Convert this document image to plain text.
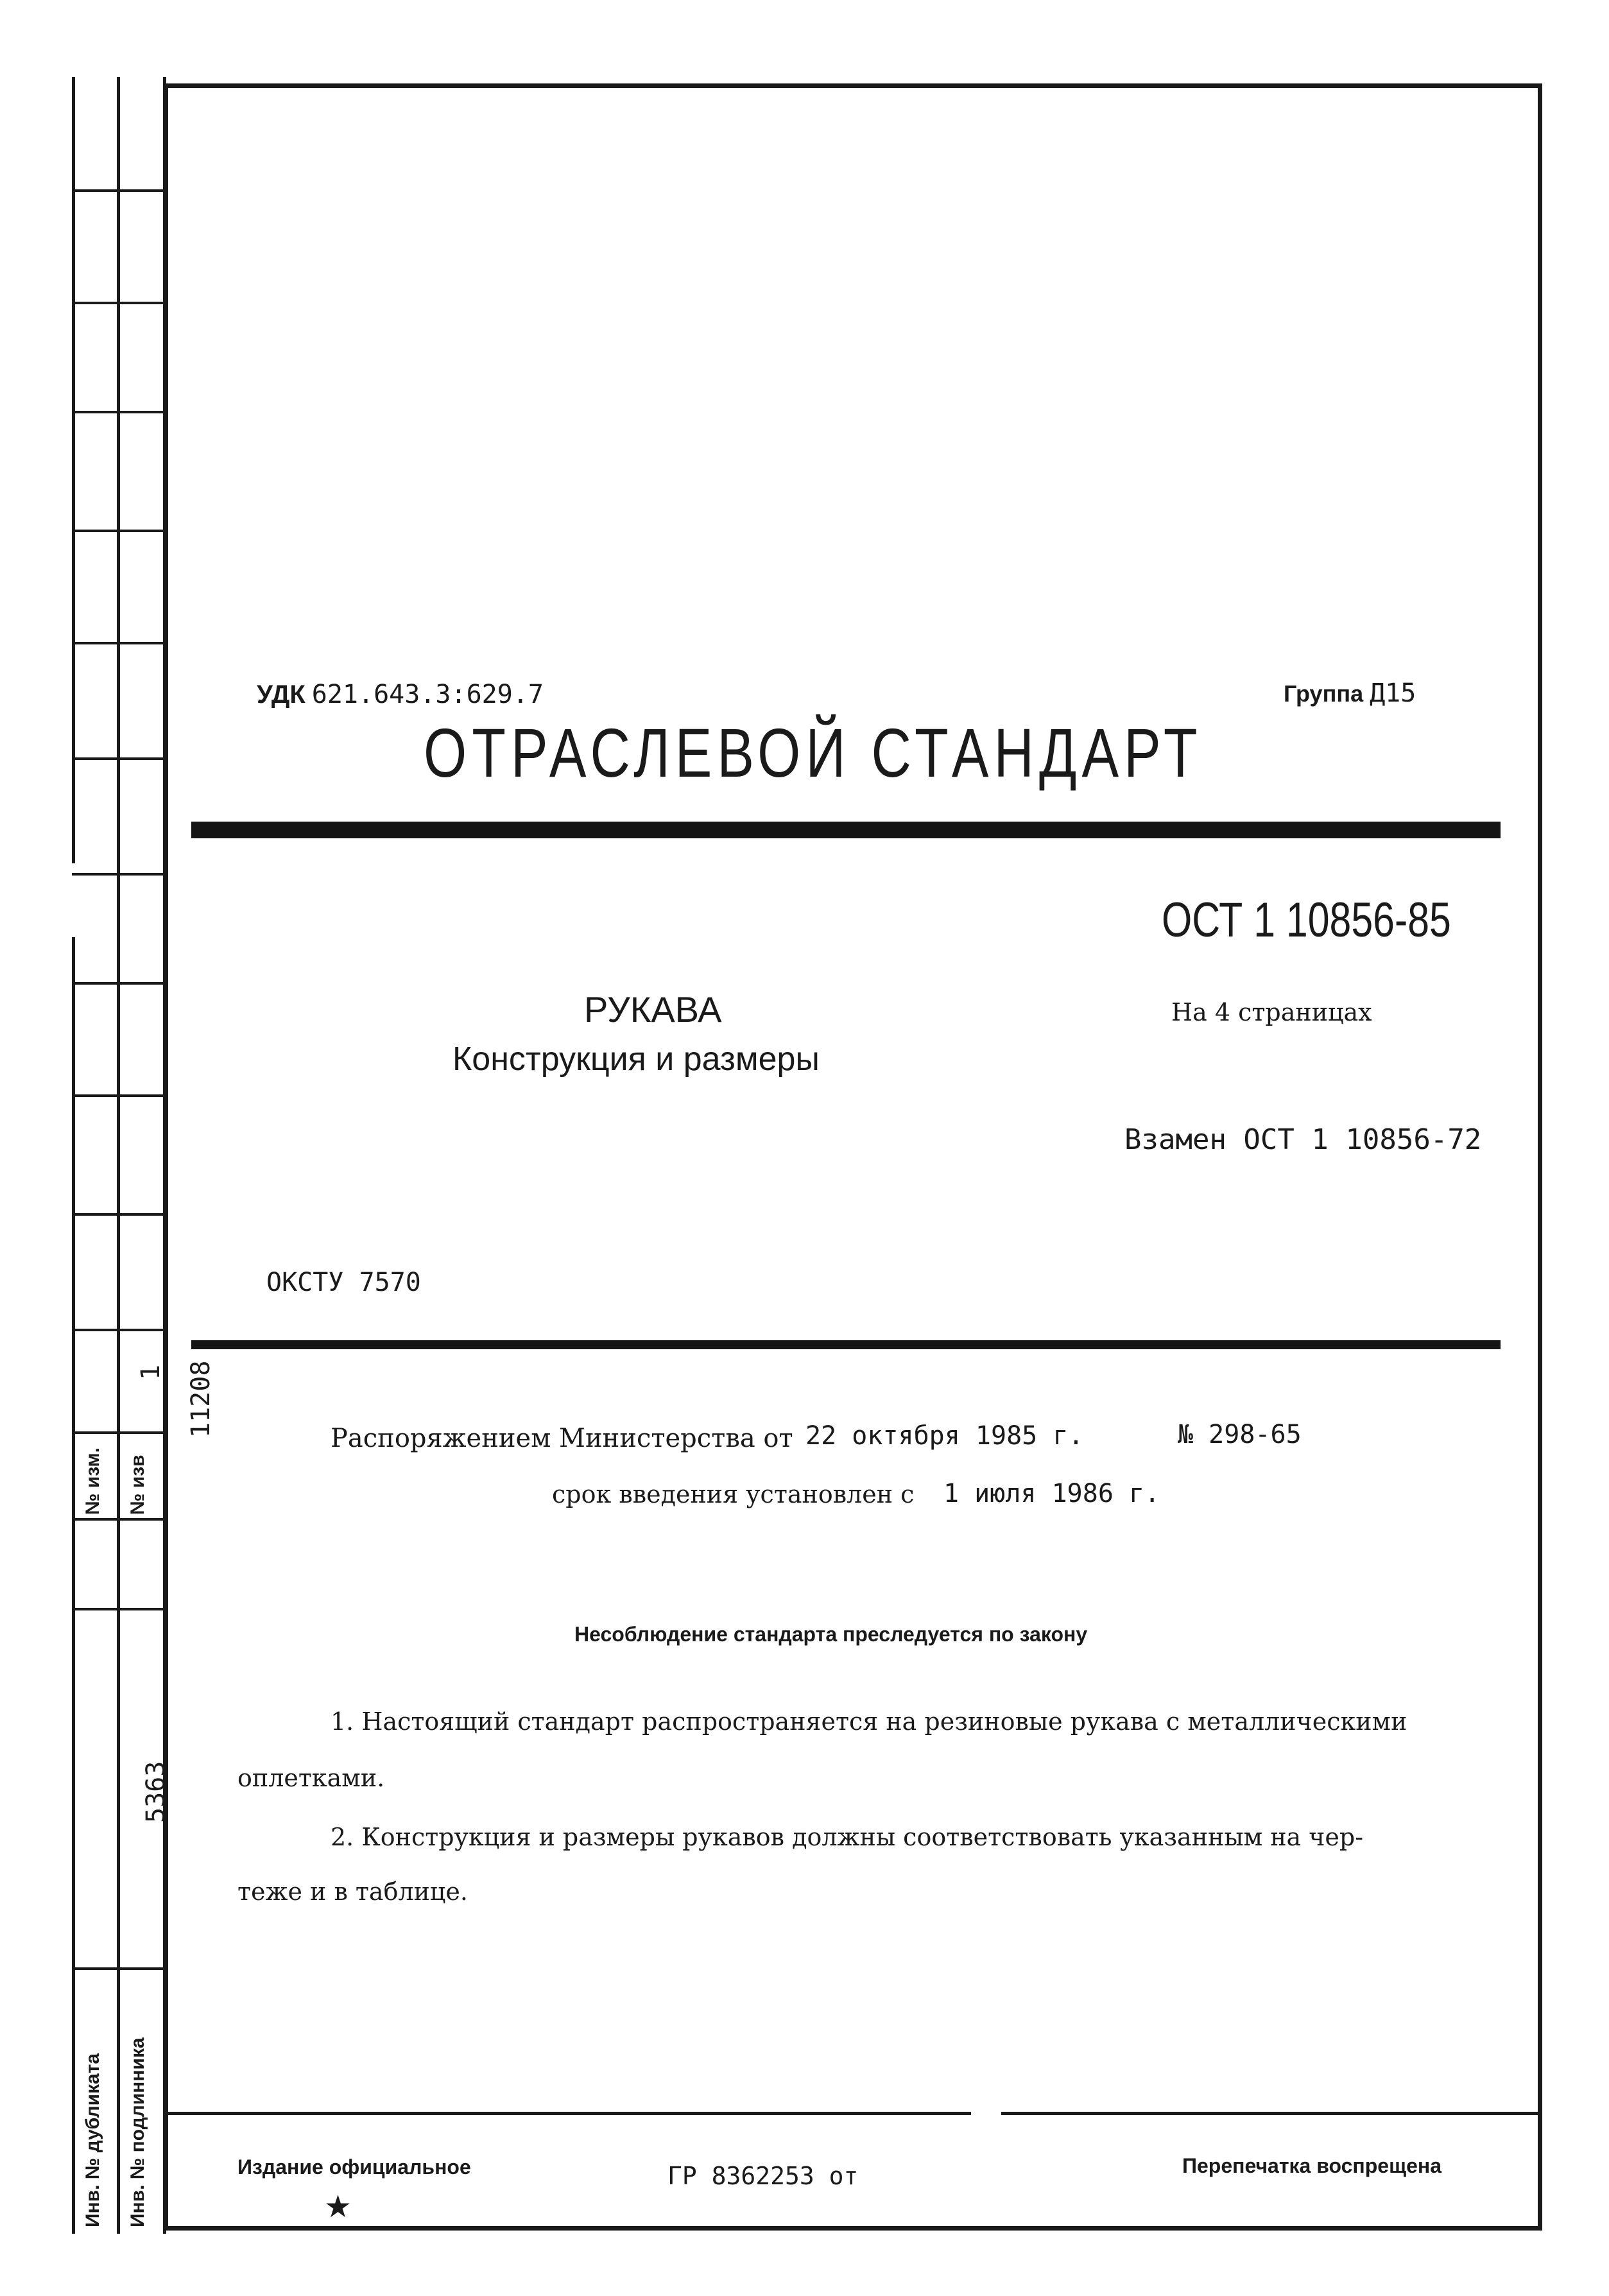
1 11208
№ изм. № изв
5363
Инв. № дубликата Инв. № подлинника
УДК 621.643.3:629.7	Группа Д15
ОТРАСЛЕВОЙ СТАНДАРТ
ОСТ 1 10856-85
РУКАВА
Конструкция и размеры
На 4 страницах
Взамен ОСТ 1 10856-72
ОКСТУ 7570
Распоряжением Министерства от 22 октября 1985 г.	№ 298-65
срок введения установлен с 1 июля 1986 г.
Несоблюдение стандарта преследуется по закону
1. Настоящий стандарт распространяется на резиновые рукава с металлическими
оплетками.
2. Конструкция и размеры рукавов должны соответствовать указанным на чер-
теже и в таблице.
Издание официальное
★
ГР 8362253 от	Перепечатка воспрещена
